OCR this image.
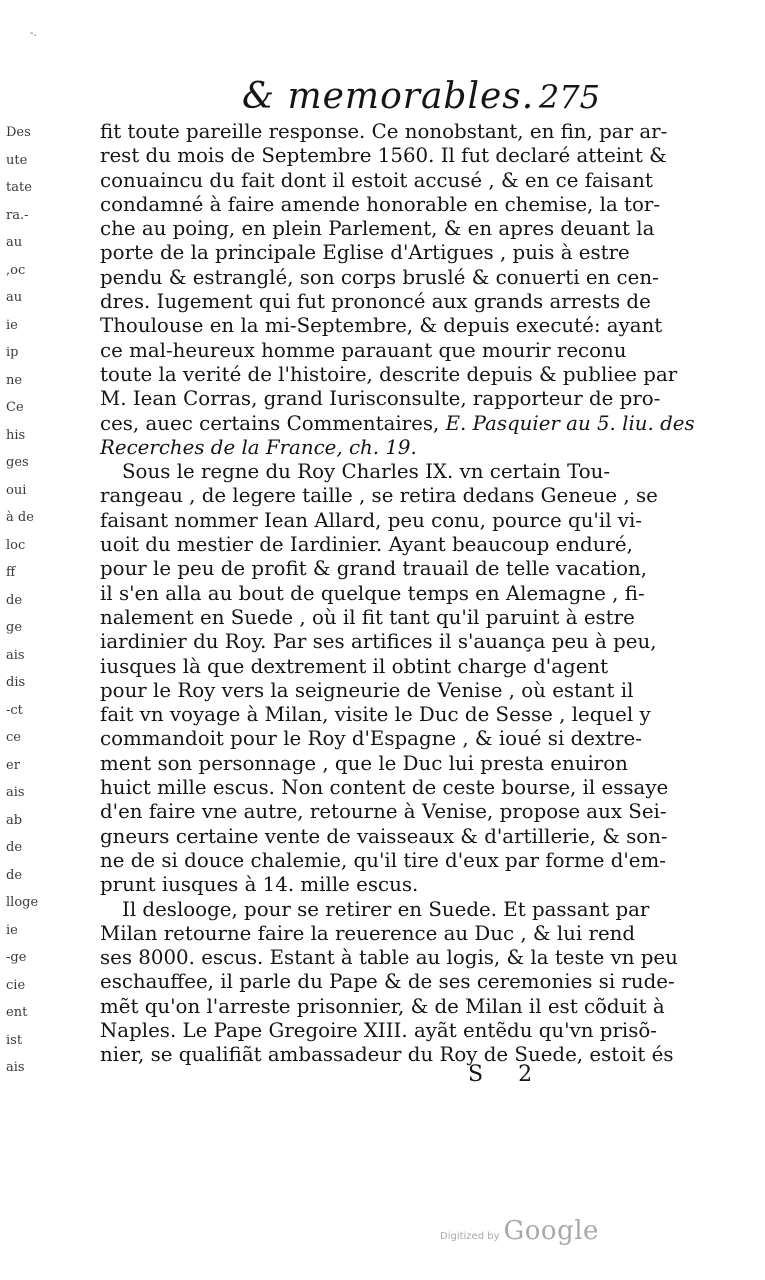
-.
Des
ute
tate
ra.-
au
,oc
au
ie
ip
ne
Ce
his
ges
oui
à de
loc
ff
de
ge
ais
dis
-ct
ce
er
ais
ab
de
de
lloge
ie
-ge
cie
ent
ist
ais
& memorables. 275
fit toute pareille response. Ce nonobstant, en fin, par ar-
rest du mois de Septembre 1560. Il fut declaré atteint &
conuaincu du fait dont il estoit accusé , & en ce faisant
condamné à faire amende honorable en chemise, la tor-
che au poing, en plein Parlement, & en apres deuant la
porte de la principale Eglise d'Artigues , puis à estre
pendu & estranglé, son corps bruslé & conuerti en cen-
dres. Iugement qui fut prononcé aux grands arrests de
Thoulouse en la mi-Septembre, & depuis executé: ayant
ce mal-heureux homme parauant que mourir reconu
toute la verité de l'histoire, descrite depuis & publiee par
M. Iean Corras, grand Iurisconsulte, rapporteur de pro-
ces, auec certains Commentaires, E. Pasquier au 5. liu. des
Recerches de la France, ch. 19.
Sous le regne du Roy Charles IX. vn certain Tou-
rangeau , de legere taille , se retira dedans Geneue , se
faisant nommer Iean Allard, peu conu, pource qu'il vi-
uoit du mestier de Iardinier. Ayant beaucoup enduré,
pour le peu de profit & grand trauail de telle vacation,
il s'en alla au bout de quelque temps en Alemagne , fi-
nalement en Suede , où il fit tant qu'il paruint à estre
iardinier du Roy. Par ses artifices il s'auança peu à peu,
iusques là que dextrement il obtint charge d'agent
pour le Roy vers la seigneurie de Venise , où estant il
fait vn voyage à Milan, visite le Duc de Sesse , lequel y
commandoit pour le Roy d'Espagne , & ioué si dextre-
ment son personnage , que le Duc lui presta enuiron
huict mille escus. Non content de ceste bourse, il essaye
d'en faire vne autre, retourne à Venise, propose aux Sei-
gneurs certaine vente de vaisseaux & d'artillerie, & son-
ne de si douce chalemie, qu'il tire d'eux par forme d'em-
prunt iusques à 14. mille escus.
Il deslooge, pour se retirer en Suede. Et passant par
Milan retourne faire la reuerence au Duc , & lui rend
ses 8000. escus. Estant à table au logis, & la teste vn peu
eschauffee, il parle du Pape & de ses ceremonies si rude-
mẽt qu'on l'arreste prisonnier, & de Milan il est cõduit à
Naples. Le Pape Gregoire XIII. ayãt entẽdu qu'vn prisõ-
nier, se qualifiãt ambassadeur du Roy de Suede, estoit és
S 2
Digitized by Google
